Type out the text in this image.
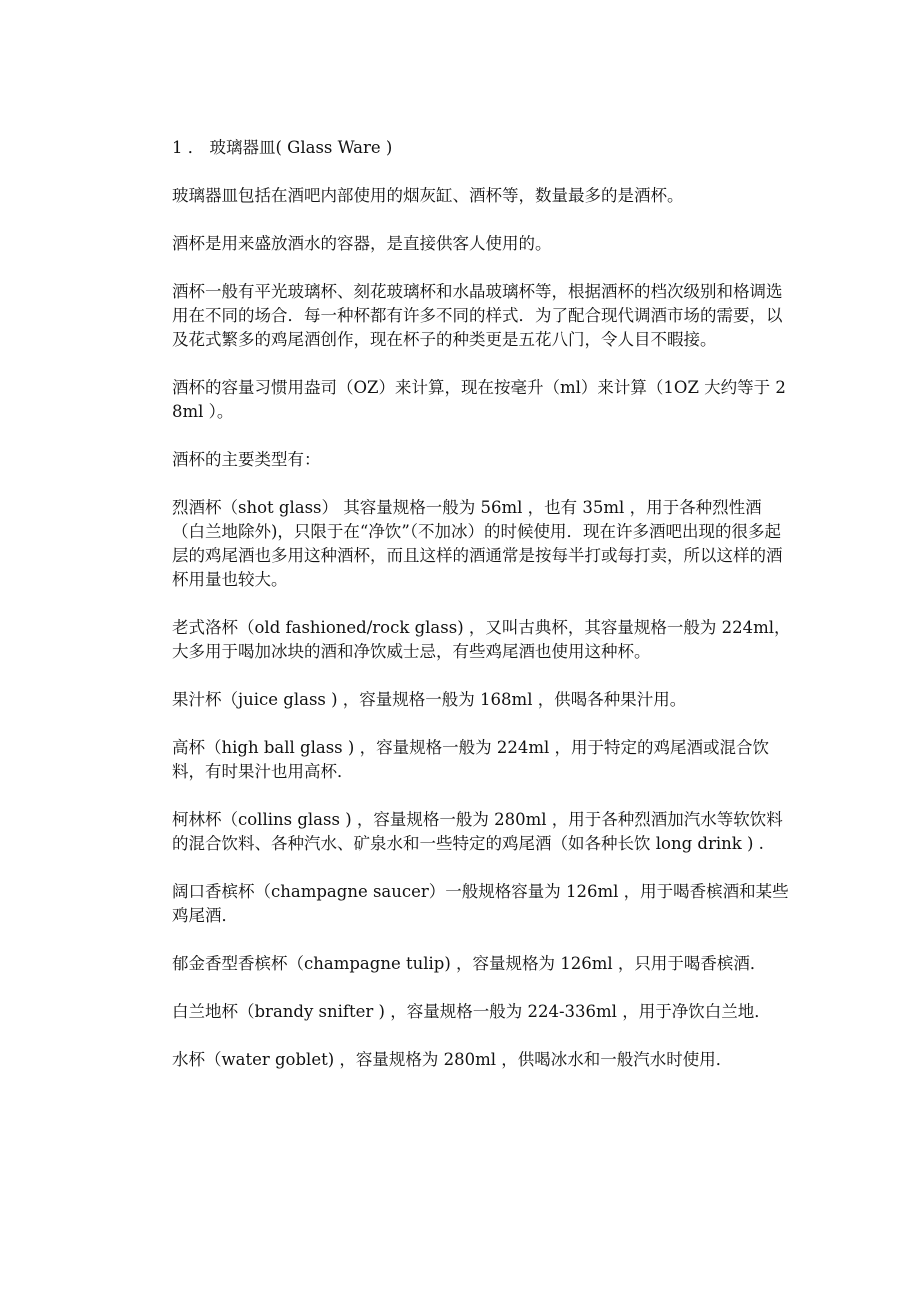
1 ． 玻璃器皿( Glass Ware )

玻璃器皿包括在酒吧内部使用的烟灰缸、酒杯等，数量最多的是酒杯。

酒杯是用来盛放酒水的容器，是直接供客人使用的。

酒杯一般有平光玻璃杯、刻花玻璃杯和水晶玻璃杯等，根据酒杯的档次级别和格调选用在不同的场合．每一种杯都有许多不同的样式．为了配合现代调酒市场的需要，以及花式繁多的鸡尾酒创作，现在杯子的种类更是五花八门，令人目不暇接。

酒杯的容量习惯用盎司（OZ）来计算，现在按毫升（ml）来计算（1OZ 大约等于 28ml ）。

酒杯的主要类型有：

烈酒杯（shot glass） 其容量规格一般为 56ml ，也有 35ml ，用于各种烈性酒（白兰地除外)，只限于在“净饮”（不加冰）的时候使用．现在许多酒吧出现的很多起层的鸡尾酒也多用这种酒杯，而且这样的酒通常是按每半打或每打卖，所以这样的酒杯用量也较大。

老式洛杯（old fashioned/rock glass) ，又叫古典杯，其容量规格一般为 224ml，大多用于喝加冰块的酒和净饮威士忌，有些鸡尾酒也使用这种杯。

果汁杯（juice glass ) ，容量规格一般为 168ml ，供喝各种果汁用。

高杯（high ball glass ) ，容量规格一般为 224ml ，用于特定的鸡尾酒或混合饮料，有时果汁也用高杯．

柯林杯（collins glass ) ，容量规格一般为 280ml ，用于各种烈酒加汽水等软饮料的混合饮料、各种汽水、矿泉水和一些特定的鸡尾酒（如各种长饮 long drink ) .

阔口香槟杯（champagne saucer）一般规格容量为 126ml ，用于喝香槟酒和某些鸡尾酒．

郁金香型香槟杯（champagne tulip) ，容量规格为 126ml ，只用于喝香槟酒．

白兰地杯（brandy snifter ) ，容量规格一般为 224-336ml ，用于净饮白兰地．

水杯（water goblet) ，容量规格为 280ml ，供喝冰水和一般汽水时使用．
